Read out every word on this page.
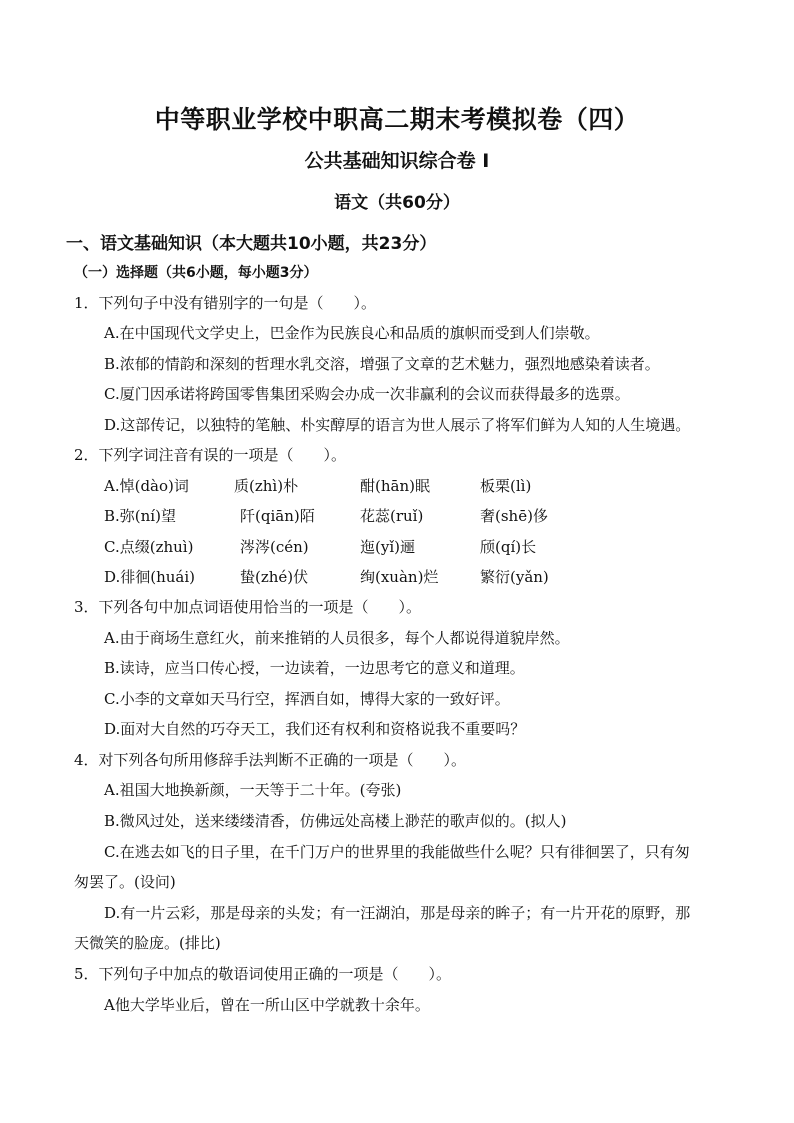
中等职业学校中职高二期末考模拟卷（四）
公共基础知识综合卷 I
语文（共60分）
一、语文基础知识（本大题共10小题，共23分）
（一）选择题（共6小题，每小题3分）
1．下列句子中没有错别字的一句是（　　）。
A.在中国现代文学史上，巴金作为民族良心和品质的旗帜而受到人们崇敬。
B.浓郁的情韵和深刻的哲理水乳交溶，增强了文章的艺术魅力，强烈地感染着读者。
C.厦门因承诺将跨国零售集团采购会办成一次非赢利的会议而获得最多的选票。
D.这部传记，以独特的笔触、朴实醇厚的语言为世人展示了将军们鲜为人知的人生境遇。
2．下列字词注音有误的一项是（　　）。
A.悼(dào)词	质(zhì)朴	酣(hān)眠	板栗(lì)
B.弥(ní)望	阡(qiān)陌	花蕊(ruǐ)	奢(shē)侈
C.点缀(zhuì)	涔涔(cén)	迤(yǐ)逦	颀(qí)长
D.徘徊(huái)	蛰(zhé)伏	绚(xuàn)烂	繁衍(yǎn)
3．下列各句中加点词语使用恰当的一项是（　　）。
A.由于商场生意红火，前来推销的人员很多，每个人都说得道貌岸然。
B.读诗，应当口传心授，一边读着，一边思考它的意义和道理。
C.小李的文章如天马行空，挥洒自如，博得大家的一致好评。
D.面对大自然的巧夺天工，我们还有权利和资格说我不重要吗？
4．对下列各句所用修辞手法判断不正确的一项是（　　）。
A.祖国大地换新颜，一天等于二十年。(夸张)
B.微风过处，送来缕缕清香，仿佛远处高楼上渺茫的歌声似的。(拟人)
C.在逃去如飞的日子里，在千门万户的世界里的我能做些什么呢？只有徘徊罢了，只有匆
匆罢了。(设问)
D.有一片云彩，那是母亲的头发；有一汪湖泊，那是母亲的眸子；有一片开花的原野，那
天微笑的脸庞。(排比)
5．下列句子中加点的敬语词使用正确的一项是（　　）。
A他大学毕业后，曾在一所山区中学就教十余年。
